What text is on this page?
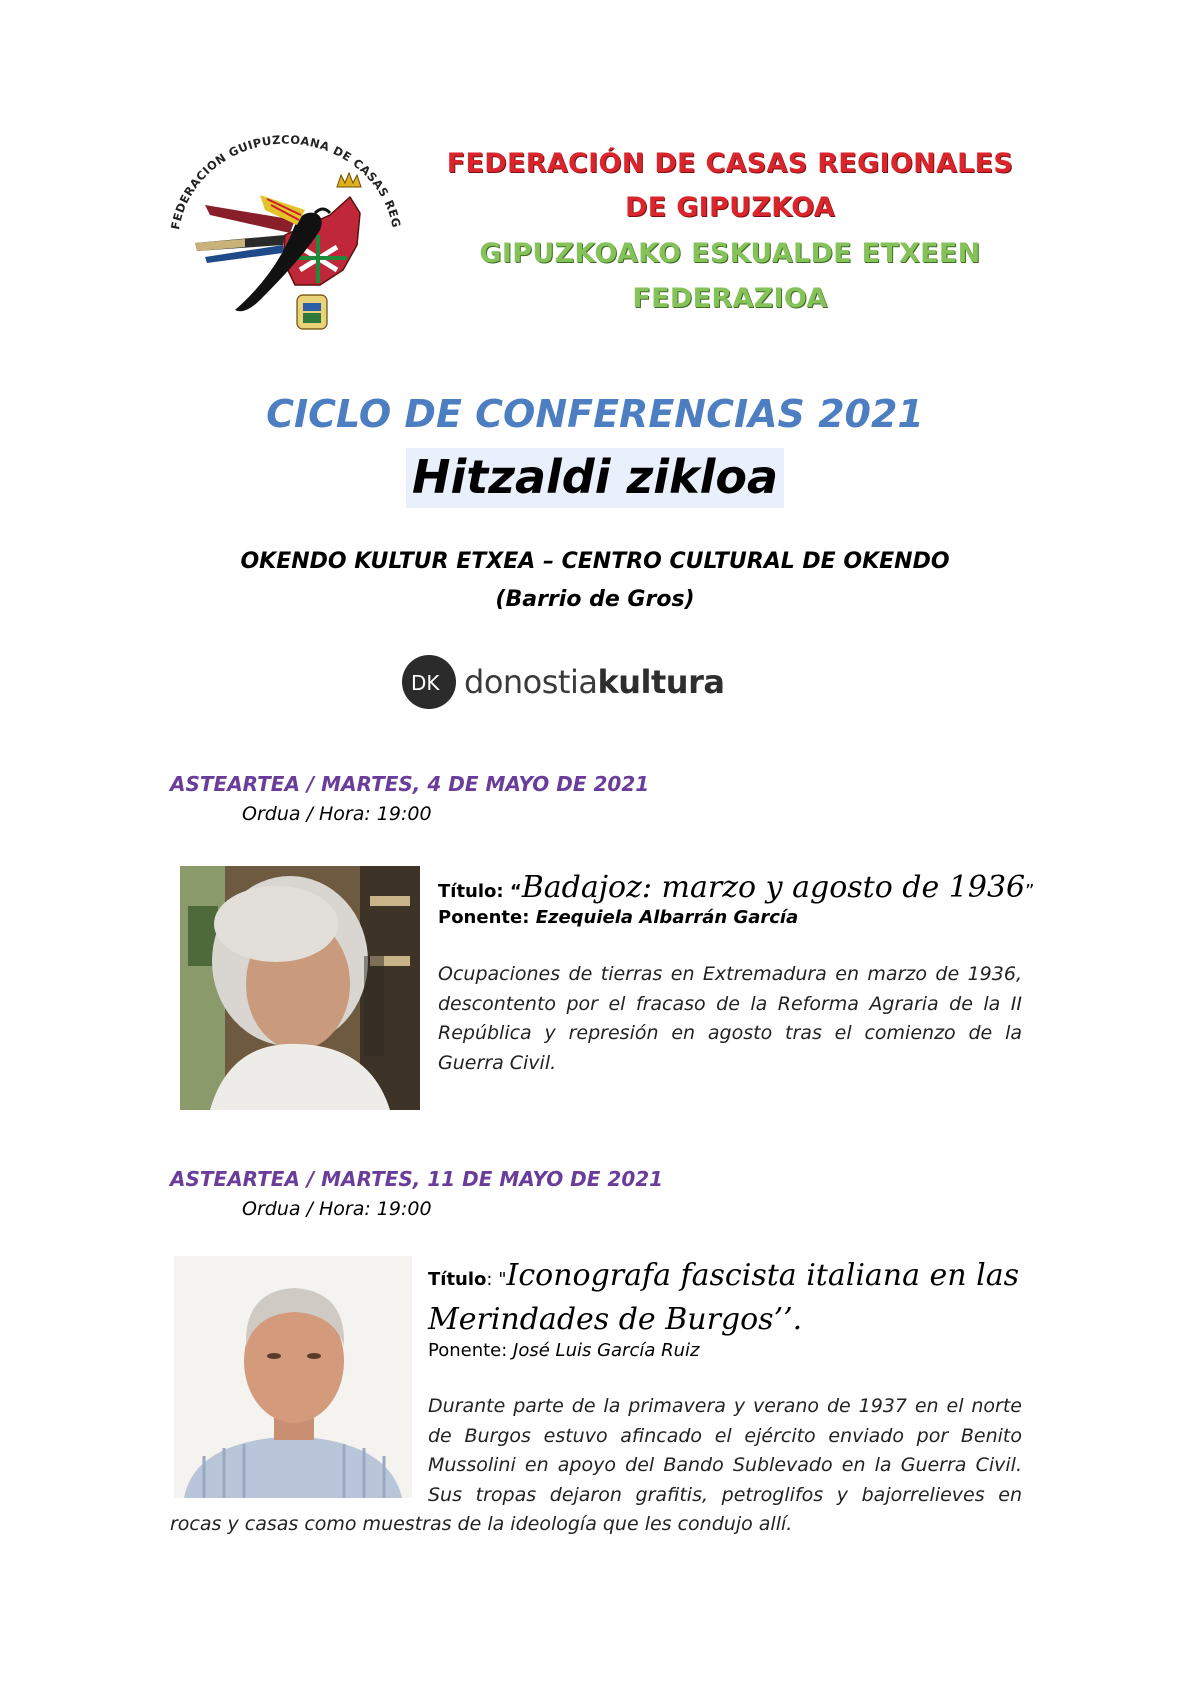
FEDERACION GUIPUZCOANA DE CASAS REG
FEDERACIÓN DE CASAS REGIONALES
DE GIPUZKOA
GIPUZKOAKO ESKUALDE ETXEEN
FEDERAZIOA
CICLO DE CONFERENCIAS 2021
Hitzaldi zikloa
OKENDO KULTUR ETXEA – CENTRO CULTURAL DE OKENDO
(Barrio de Gros)
DK donostiakultura
ASTEARTEA / MARTES, 4 DE MAYO DE 2021
Ordua / Hora: 19:00
Título: “Badajoz: marzo y agosto de 1936”
Ponente: Ezequiela Albarrán García
Ocupaciones de tierras en Extremadura en marzo de 1936,
descontento por el fracaso de la Reforma Agraria de la II
República y represión en agosto tras el comienzo de la
Guerra Civil.
ASTEARTEA / MARTES, 11 DE MAYO DE 2021
Ordua / Hora: 19:00
Título: "Iconografa fascista italiana en las
Merindades de Burgos’’.
Ponente: José Luis García Ruiz
Durante parte de la primavera y verano de 1937 en el norte
de Burgos estuvo afincado el ejército enviado por Benito
Mussolini en apoyo del Bando Sublevado en la Guerra Civil.
Sus tropas dejaron grafitis, petroglifos y bajorrelieves en
rocas y casas como muestras de la ideología que les condujo allí.
